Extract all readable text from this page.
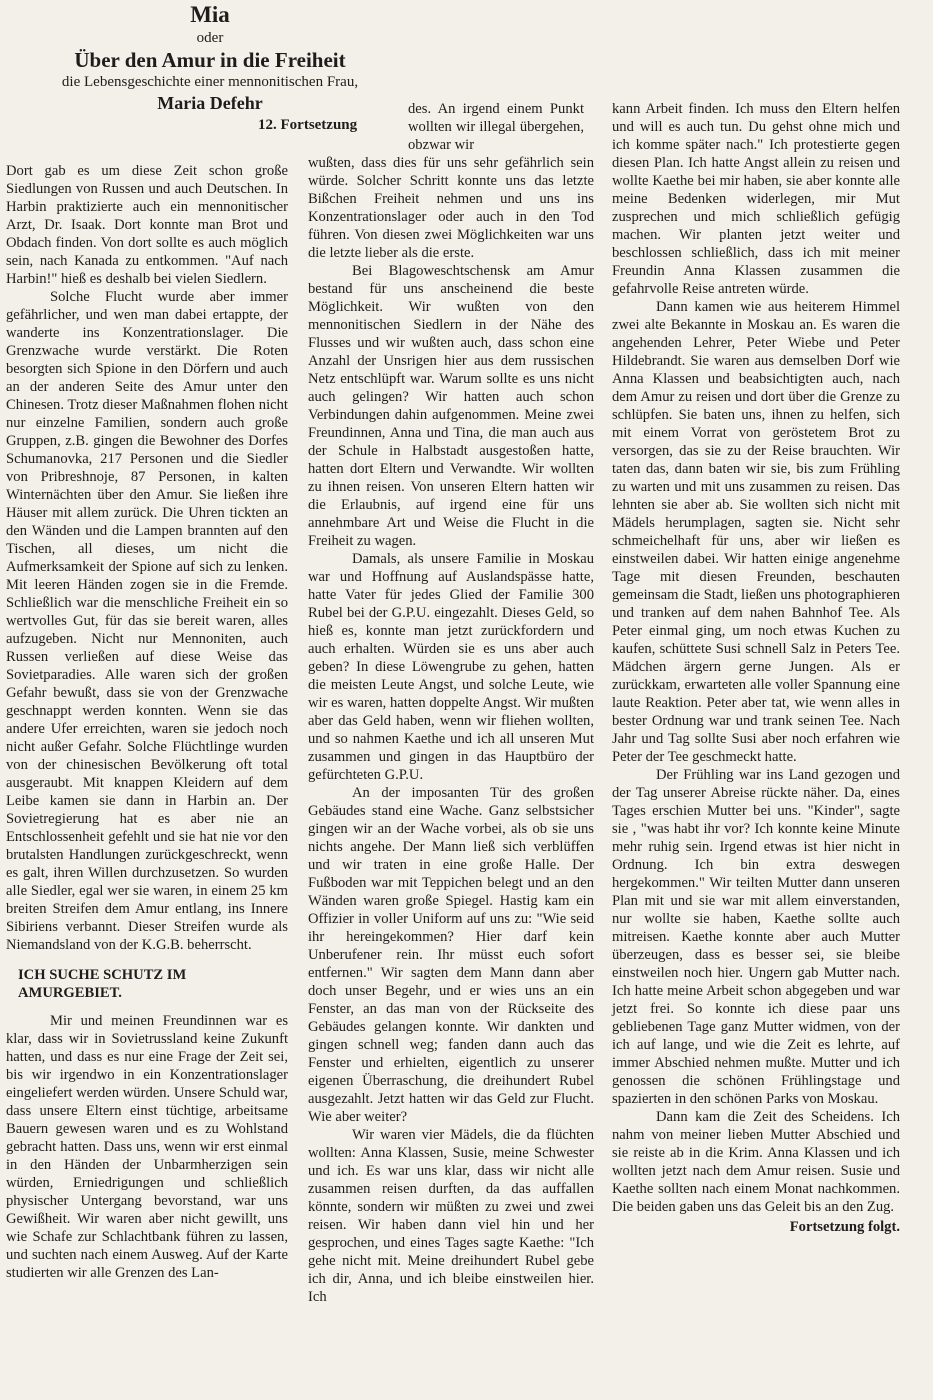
Mia
oder
Über den Amur in die Freiheit
die Lebensgeschichte einer mennonitischen Frau,
Maria Defehr
12. Fortsetzung

Dort gab es um diese Zeit schon große Siedlungen von Russen und auch Deutschen. In Harbin praktizierte auch ein mennonitischer Arzt, Dr. Isaak. Dort konnte man Brot und Obdach finden. Von dort sollte es auch möglich sein, nach Kanada zu entkommen. "Auf nach Harbin!" hieß es deshalb bei vielen Siedlern.

Solche Flucht wurde aber immer gefährlicher, und wen man dabei ertappte, der wanderte ins Konzentrationslager. Die Grenzwache wurde verstärkt. Die Roten besorgten sich Spione in den Dörfern und auch an der anderen Seite des Amur unter den Chinesen. Trotz dieser Maßnahmen flohen nicht nur einzelne Familien, sondern auch große Gruppen, z.B. gingen die Bewohner des Dorfes Schumanovka, 217 Personen und die Siedler von Pribreshnoje, 87 Personen, in kalten Winternächten über den Amur. Sie ließen ihre Häuser mit allem zurück. Die Uhren tickten an den Wänden und die Lampen brannten auf den Tischen, all dieses, um nicht die Aufmerksamkeit der Spione auf sich zu lenken. Mit leeren Händen zogen sie in die Fremde. Schließlich war die menschliche Freiheit ein so wertvolles Gut, für das sie bereit waren, alles aufzugeben. Nicht nur Mennoniten, auch Russen verließen auf diese Weise das Sovietparadies. Alle waren sich der großen Gefahr bewußt, dass sie von der Grenzwache geschnappt werden konnten. Wenn sie das andere Ufer erreichten, waren sie jedoch noch nicht außer Gefahr. Solche Flüchtlinge wurden von der chinesischen Bevölkerung oft total ausgeraubt. Mit knappen Kleidern auf dem Leibe kamen sie dann in Harbin an. Der Sovietregierung hat es aber nie an Entschlossenheit gefehlt und sie hat nie vor den brutalsten Handlungen zurückgeschreckt, wenn es galt, ihren Willen durchzusetzen. So wurden alle Siedler, egal wer sie waren, in einem 25 km breiten Streifen dem Amur entlang, ins Innere Sibiriens verbannt. Dieser Streifen wurde als Niemandsland von der K.G.B. beherrscht.

ICH SUCHE SCHUTZ IM AMURGEBIET.

Mir und meinen Freundinnen war es klar, dass wir in Sovietrussland keine Zukunft hatten, und dass es nur eine Frage der Zeit sei, bis wir irgendwo in ein Konzentrationslager eingeliefert werden würden. Unsere Schuld war, dass unsere Eltern einst tüchtige, arbeitsame Bauern gewesen waren und es zu Wohlstand gebracht hatten. Dass uns, wenn wir erst einmal in den Händen der Unbarmherzigen sein würden, Erniedrigungen und schließlich physischer Untergang bevorstand, war uns Gewißheit. Wir waren aber nicht gewillt, uns wie Schafe zur Schlachtbank führen zu lassen, und suchten nach einem Ausweg. Auf der Karte studierten wir alle Grenzen des Lan-

des. An irgend einem Punkt wollten wir illegal übergehen, obzwar wir

wußten, dass dies für uns sehr gefährlich sein würde. Solcher Schritt konnte uns das letzte Bißchen Freiheit nehmen und uns ins Konzentrationslager oder auch in den Tod führen. Von diesen zwei Möglichkeiten war uns die letzte lieber als die erste.

Bei Blagoweschtschensk am Amur bestand für uns anscheinend die beste Möglichkeit. Wir wußten von den mennonitischen Siedlern in der Nähe des Flusses und wir wußten auch, dass schon eine Anzahl der Unsrigen hier aus dem russischen Netz entschlüpft war. Warum sollte es uns nicht auch gelingen? Wir hatten auch schon Verbindungen dahin aufgenommen. Meine zwei Freundinnen, Anna und Tina, die man auch aus der Schule in Halbstadt ausgestoßen hatte, hatten dort Eltern und Verwandte. Wir wollten zu ihnen reisen. Von unseren Eltern hatten wir die Erlaubnis, auf irgend eine für uns annehmbare Art und Weise die Flucht in die Freiheit zu wagen.

Damals, als unsere Familie in Moskau war und Hoffnung auf Auslandspässe hatte, hatte Vater für jedes Glied der Familie 300 Rubel bei der G.P.U. eingezahlt. Dieses Geld, so hieß es, konnte man jetzt zurückfordern und auch erhalten. Würden sie es uns aber auch geben? In diese Löwengrube zu gehen, hatten die meisten Leute Angst, und solche Leute, wie wir es waren, hatten doppelte Angst. Wir mußten aber das Geld haben, wenn wir fliehen wollten, und so nahmen Kaethe und ich all unseren Mut zusammen und gingen in das Hauptbüro der gefürchteten G.P.U.

An der imposanten Tür des großen Gebäudes stand eine Wache. Ganz selbstsicher gingen wir an der Wache vorbei, als ob sie uns nichts angehe. Der Mann ließ sich verblüffen und wir traten in eine große Halle. Der Fußboden war mit Teppichen belegt und an den Wänden waren große Spiegel. Hastig kam ein Offizier in voller Uniform auf uns zu: "Wie seid ihr hereingekommen? Hier darf kein Unberufener rein. Ihr müsst euch sofort entfernen." Wir sagten dem Mann dann aber doch unser Begehr, und er wies uns an ein Fenster, an das man von der Rückseite des Gebäudes gelangen konnte. Wir dankten und gingen schnell weg; fanden dann auch das Fenster und erhielten, eigentlich zu unserer eigenen Überraschung, die dreihundert Rubel ausgezahlt. Jetzt hatten wir das Geld zur Flucht. Wie aber weiter?

Wir waren vier Mädels, die da flüchten wollten: Anna Klassen, Susie, meine Schwester und ich. Es war uns klar, dass wir nicht alle zusammen reisen durften, da das auffallen könnte, sondern wir müßten zu zwei und zwei reisen. Wir haben dann viel hin und her gesprochen, und eines Tages sagte Kaethe: "Ich gehe nicht mit. Meine dreihundert Rubel gebe ich dir, Anna, und ich bleibe einstweilen hier. Ich

kann Arbeit finden. Ich muss den Eltern helfen und will es auch tun. Du gehst ohne mich und ich komme später nach." Ich protestierte gegen diesen Plan. Ich hatte Angst allein zu reisen und wollte Kaethe bei mir haben, sie aber konnte alle meine Bedenken widerlegen, mir Mut zusprechen und mich schließlich gefügig machen. Wir planten jetzt weiter und beschlossen schließlich, dass ich mit meiner Freundin Anna Klassen zusammen die gefahrvolle Reise antreten würde.

Dann kamen wie aus heiterem Himmel zwei alte Bekannte in Moskau an. Es waren die angehenden Lehrer, Peter Wiebe und Peter Hildebrandt. Sie waren aus demselben Dorf wie Anna Klassen und beabsichtigten auch, nach dem Amur zu reisen und dort über die Grenze zu schlüpfen. Sie baten uns, ihnen zu helfen, sich mit einem Vorrat von geröstetem Brot zu versorgen, das sie zu der Reise brauchten. Wir taten das, dann baten wir sie, bis zum Frühling zu warten und mit uns zusammen zu reisen. Das lehnten sie aber ab. Sie wollten sich nicht mit Mädels herumplagen, sagten sie. Nicht sehr schmeichelhaft für uns, aber wir ließen es einstweilen dabei. Wir hatten einige angenehme Tage mit diesen Freunden, beschauten gemeinsam die Stadt, ließen uns photographieren und tranken auf dem nahen Bahnhof Tee. Als Peter einmal ging, um noch etwas Kuchen zu kaufen, schüttete Susi schnell Salz in Peters Tee. Mädchen ärgern gerne Jungen. Als er zurückkam, erwarteten alle voller Spannung eine laute Reaktion. Peter aber tat, wie wenn alles in bester Ordnung war und trank seinen Tee. Nach Jahr und Tag sollte Susi aber noch erfahren wie Peter der Tee geschmeckt hatte.

Der Frühling war ins Land gezogen und der Tag unserer Abreise rückte näher. Da, eines Tages erschien Mutter bei uns. "Kinder", sagte sie , "was habt ihr vor? Ich konnte keine Minute mehr ruhig sein. Irgend etwas ist hier nicht in Ordnung. Ich bin extra deswegen hergekommen." Wir teilten Mutter dann unseren Plan mit und sie war mit allem einverstanden, nur wollte sie haben, Kaethe sollte auch mitreisen. Kaethe konnte aber auch Mutter überzeugen, dass es besser sei, sie bleibe einstweilen noch hier. Ungern gab Mutter nach. Ich hatte meine Arbeit schon abgegeben und war jetzt frei. So konnte ich diese paar uns gebliebenen Tage ganz Mutter widmen, von der ich auf lange, und wie die Zeit es lehrte, auf immer Abschied nehmen mußte. Mutter und ich genossen die schönen Frühlingstage und spazierten in den schönen Parks von Moskau.

Dann kam die Zeit des Scheidens. Ich nahm von meiner lieben Mutter Abschied und sie reiste ab in die Krim. Anna Klassen und ich wollten jetzt nach dem Amur reisen. Susie und Kaethe sollten nach einem Monat nachkommen. Die beiden gaben uns das Geleit bis an den Zug.

Fortsetzung folgt.
